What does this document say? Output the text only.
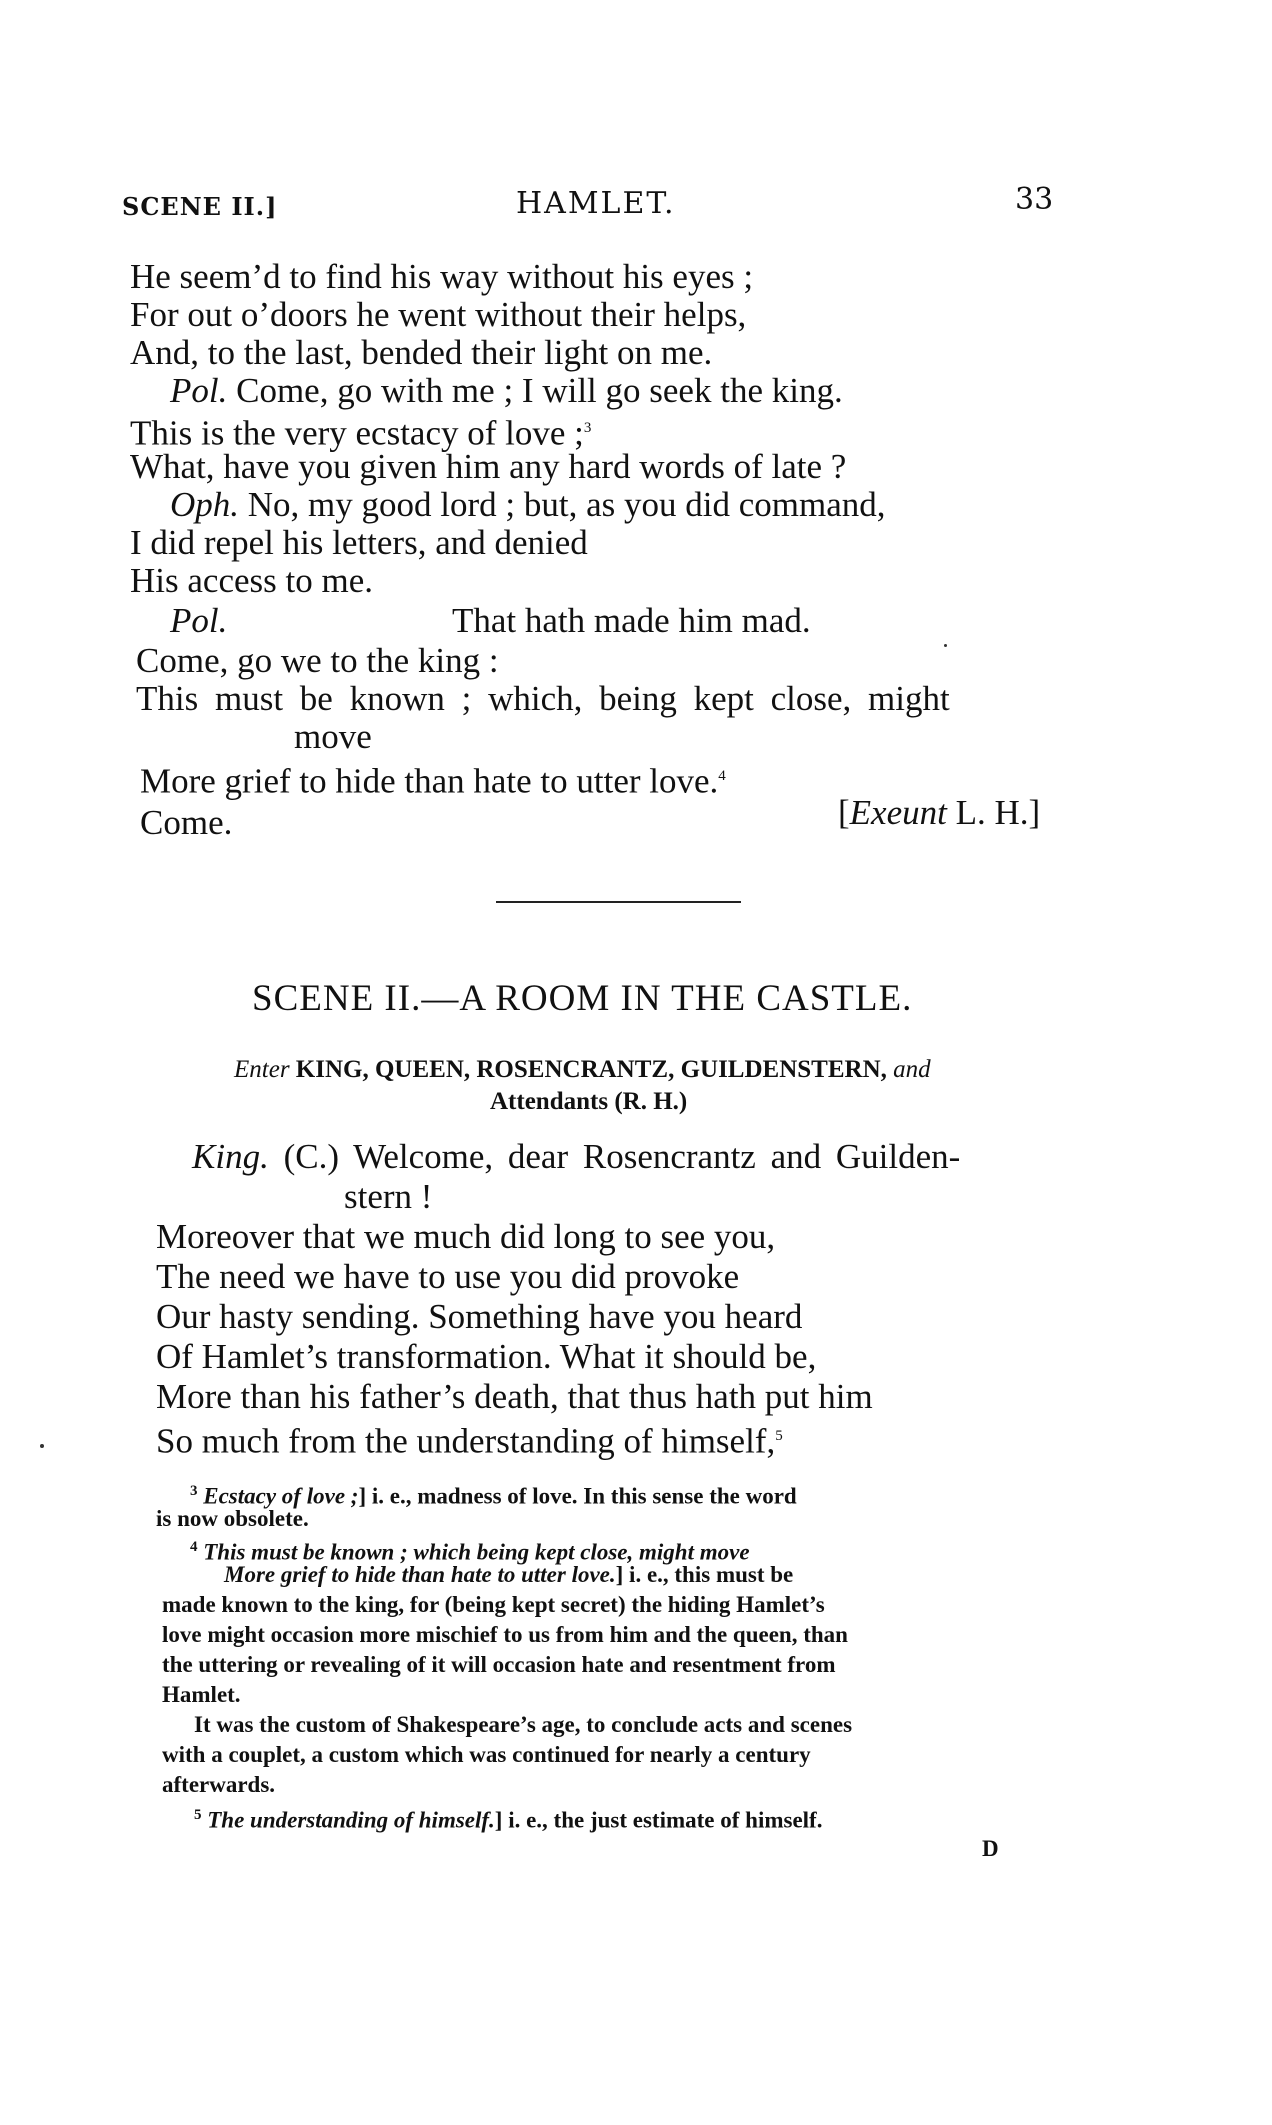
SCENE II.]	HAMLET.	33
He seem’d to find his way without his eyes ;
For out o’doors he went without their helps,
And, to the last, bended their light on me.
Pol. Come, go with me ; I will go seek the king.
This is the very ecstacy of love ;$^3$
What, have you given him any hard words of late ?
Oph. No, my good lord ; but, as you did command,
I did repel his letters, and denied
His access to me.
Pol.	That hath made him mad.
Come, go we to the king :
This must be known ; which, being kept close, might
move
More grief to hide than hate to utter love.$^4$
Come.	[Exeunt L. H.]
SCENE II.—A ROOM IN THE CASTLE.
Enter KING, QUEEN, ROSENCRANTZ, GUILDENSTERN, and
Attendants (R. H.)
King. (C.) Welcome, dear Rosencrantz and Guilden-
stern !
Moreover that we much did long to see you,
The need we have to use you did provoke
Our hasty sending. Something have you heard
Of Hamlet’s transformation. What it should be,
More than his father’s death, that thus hath put him
So much from the understanding of himself,$^5$
$^3$ Ecstacy of love ;] i. e., madness of love. In this sense the word
is now obsolete.
$^4$ This must be known ; which being kept close, might move
More grief to hide than hate to utter love.] i. e., this must be
made known to the king, for (being kept secret) the hiding Hamlet’s
love might occasion more mischief to us from him and the queen, than
the uttering or revealing of it will occasion hate and resentment from
Hamlet.
It was the custom of Shakespeare’s age, to conclude acts and scenes
with a couplet, a custom which was continued for nearly a century
afterwards.
$^5$ The understanding of himself.] i. e., the just estimate of himself.
D
